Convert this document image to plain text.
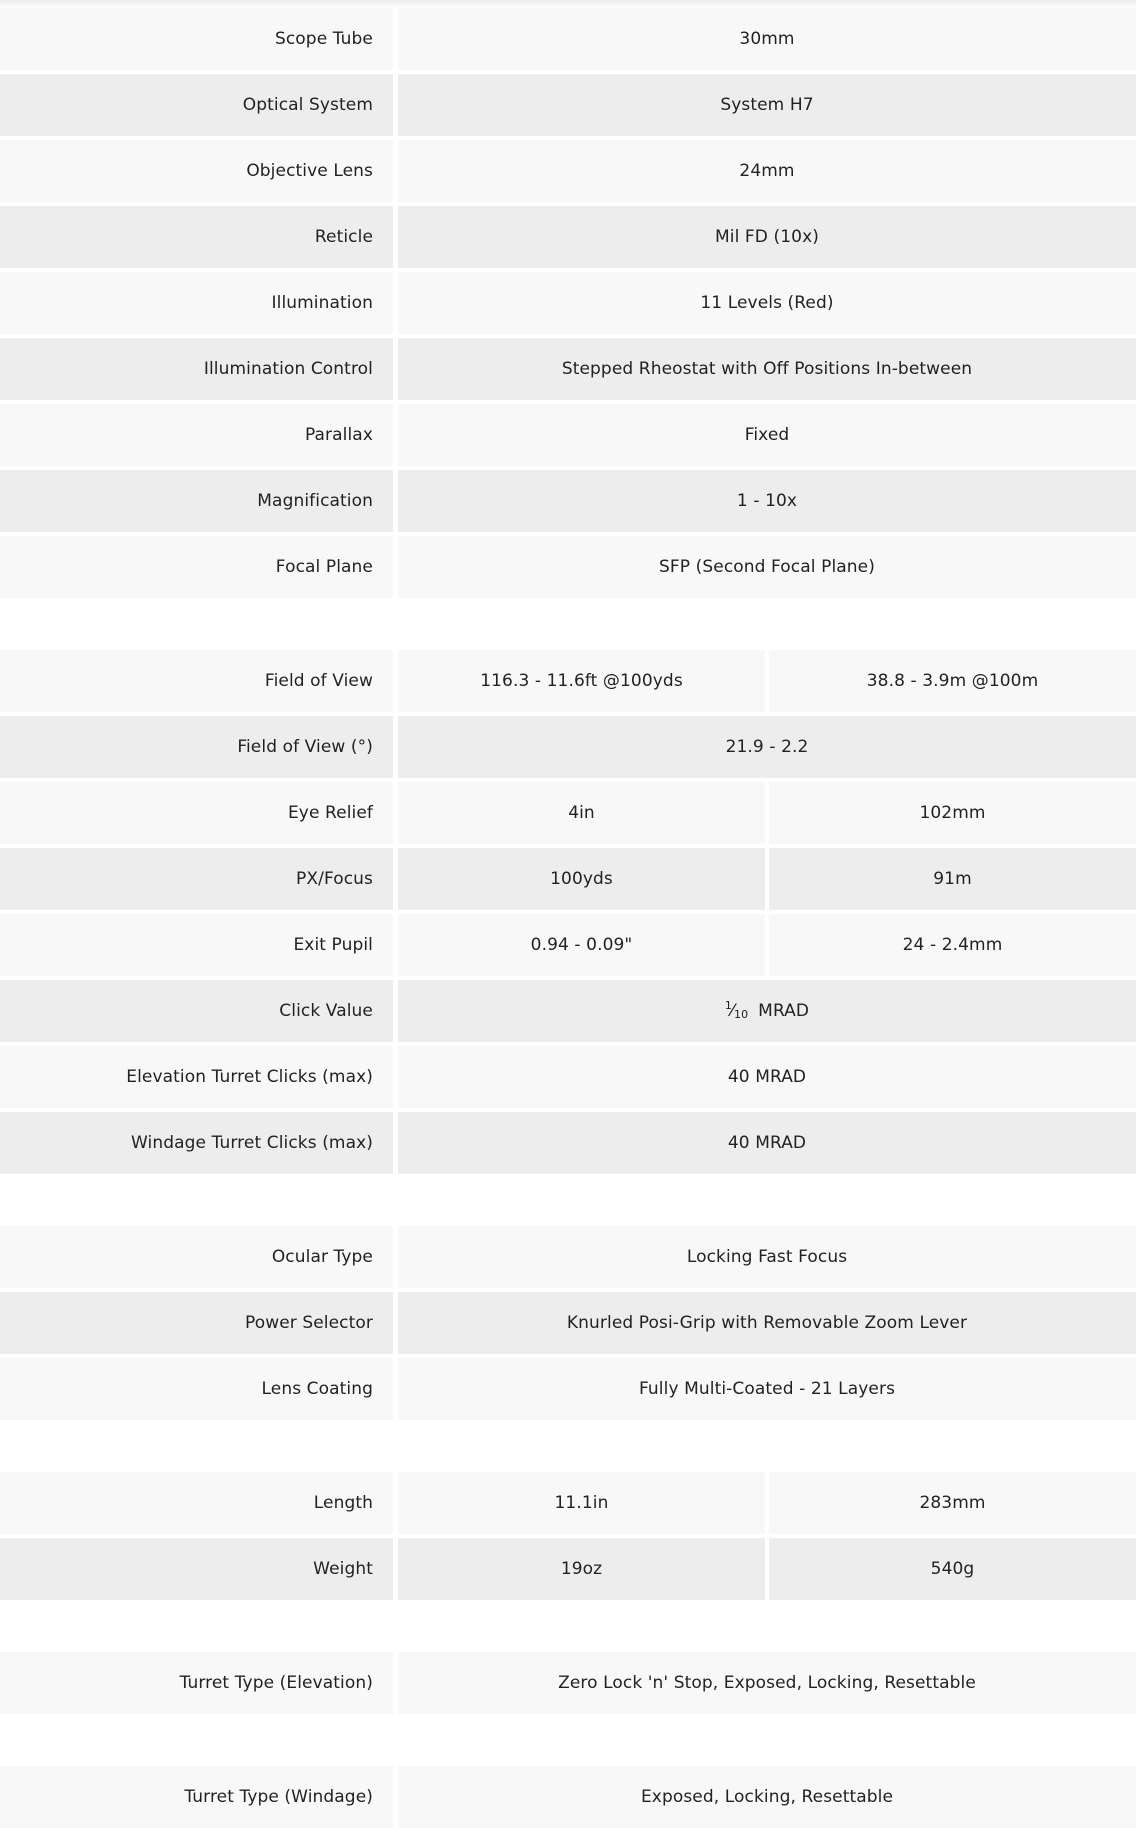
Scope Tube	30mm
Optical System	System H7
Objective Lens	24mm
Reticle	Mil FD (10x)
Illumination	11 Levels (Red)
Illumination Control	Stepped Rheostat with Off Positions In-between
Parallax	Fixed
Magnification	1 - 10x
Focal Plane	SFP (Second Focal Plane)
Field of View	116.3 - 11.6ft @100yds	38.8 - 3.9m @100m
Field of View (°)	21.9 - 2.2
Eye Relief	4in	102mm
PX/Focus	100yds	91m
Exit Pupil	0.94 - 0.09"	24 - 2.4mm
Click Value	1 ⁄ 10 MRAD
Elevation Turret Clicks (max)	40 MRAD
Windage Turret Clicks (max)	40 MRAD
Ocular Type	Locking Fast Focus
Power Selector	Knurled Posi-Grip with Removable Zoom Lever
Lens Coating	Fully Multi-Coated - 21 Layers
Length	11.1in	283mm
Weight	19oz	540g
Turret Type (Elevation)	Zero Lock 'n' Stop, Exposed, Locking, Resettable
Turret Type (Windage)	Exposed, Locking, Resettable
